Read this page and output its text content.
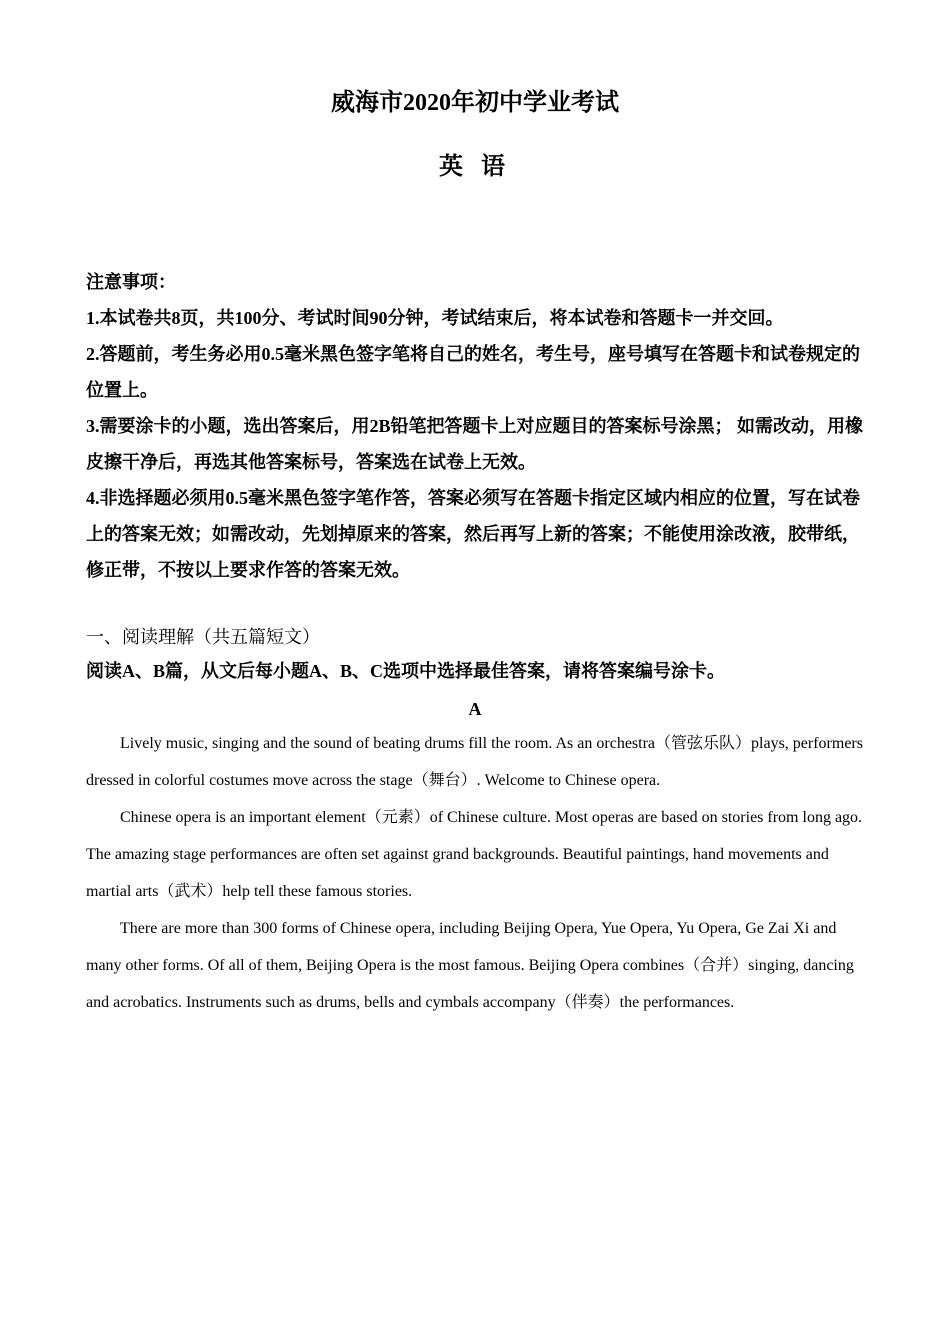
威海市2020年初中学业考试
英 语

注意事项：

1.本试卷共8页，共100分、考试时间90分钟，考试结束后，将本试卷和答题卡一并交回。

2.答题前，考生务必用0.5毫米黑色签字笔将自己的姓名，考生号，座号填写在答题卡和试卷规定的位置上。

3.需要涂卡的小题，选出答案后，用2B铅笔把答题卡上对应题目的答案标号涂黑； 如需改动，用橡皮擦干净后，再选其他答案标号，答案选在试卷上无效。

4.非选择题必须用0.5毫米黑色签字笔作答，答案必须写在答题卡指定区域内相应的位置，写在试卷上的答案无效；如需改动，先划掉原来的答案，然后再写上新的答案；不能使用涂改液，胶带纸，修正带，不按以上要求作答的答案无效。

一、阅读理解（共五篇短文）

阅读A、B篇，从文后每小题A、B、C选项中选择最佳答案，请将答案编号涂卡。

A

Lively music, singing and the sound of beating drums fill the room. As an orchestra（管弦乐队）plays, performers dressed in colorful costumes move across the stage（舞台）. Welcome to Chinese opera.

Chinese opera is an important element（元素）of Chinese culture. Most operas are based on stories from long ago. The amazing stage performances are often set against grand backgrounds. Beautiful paintings, hand movements and martial arts（武术）help tell these famous stories.

There are more than 300 forms of Chinese opera, including Beijing Opera, Yue Opera, Yu Opera, Ge Zai Xi and many other forms. Of all of them, Beijing Opera is the most famous. Beijing Opera combines（合并）singing, dancing and acrobatics. Instruments such as drums, bells and cymbals accompany（伴奏）the performances.
